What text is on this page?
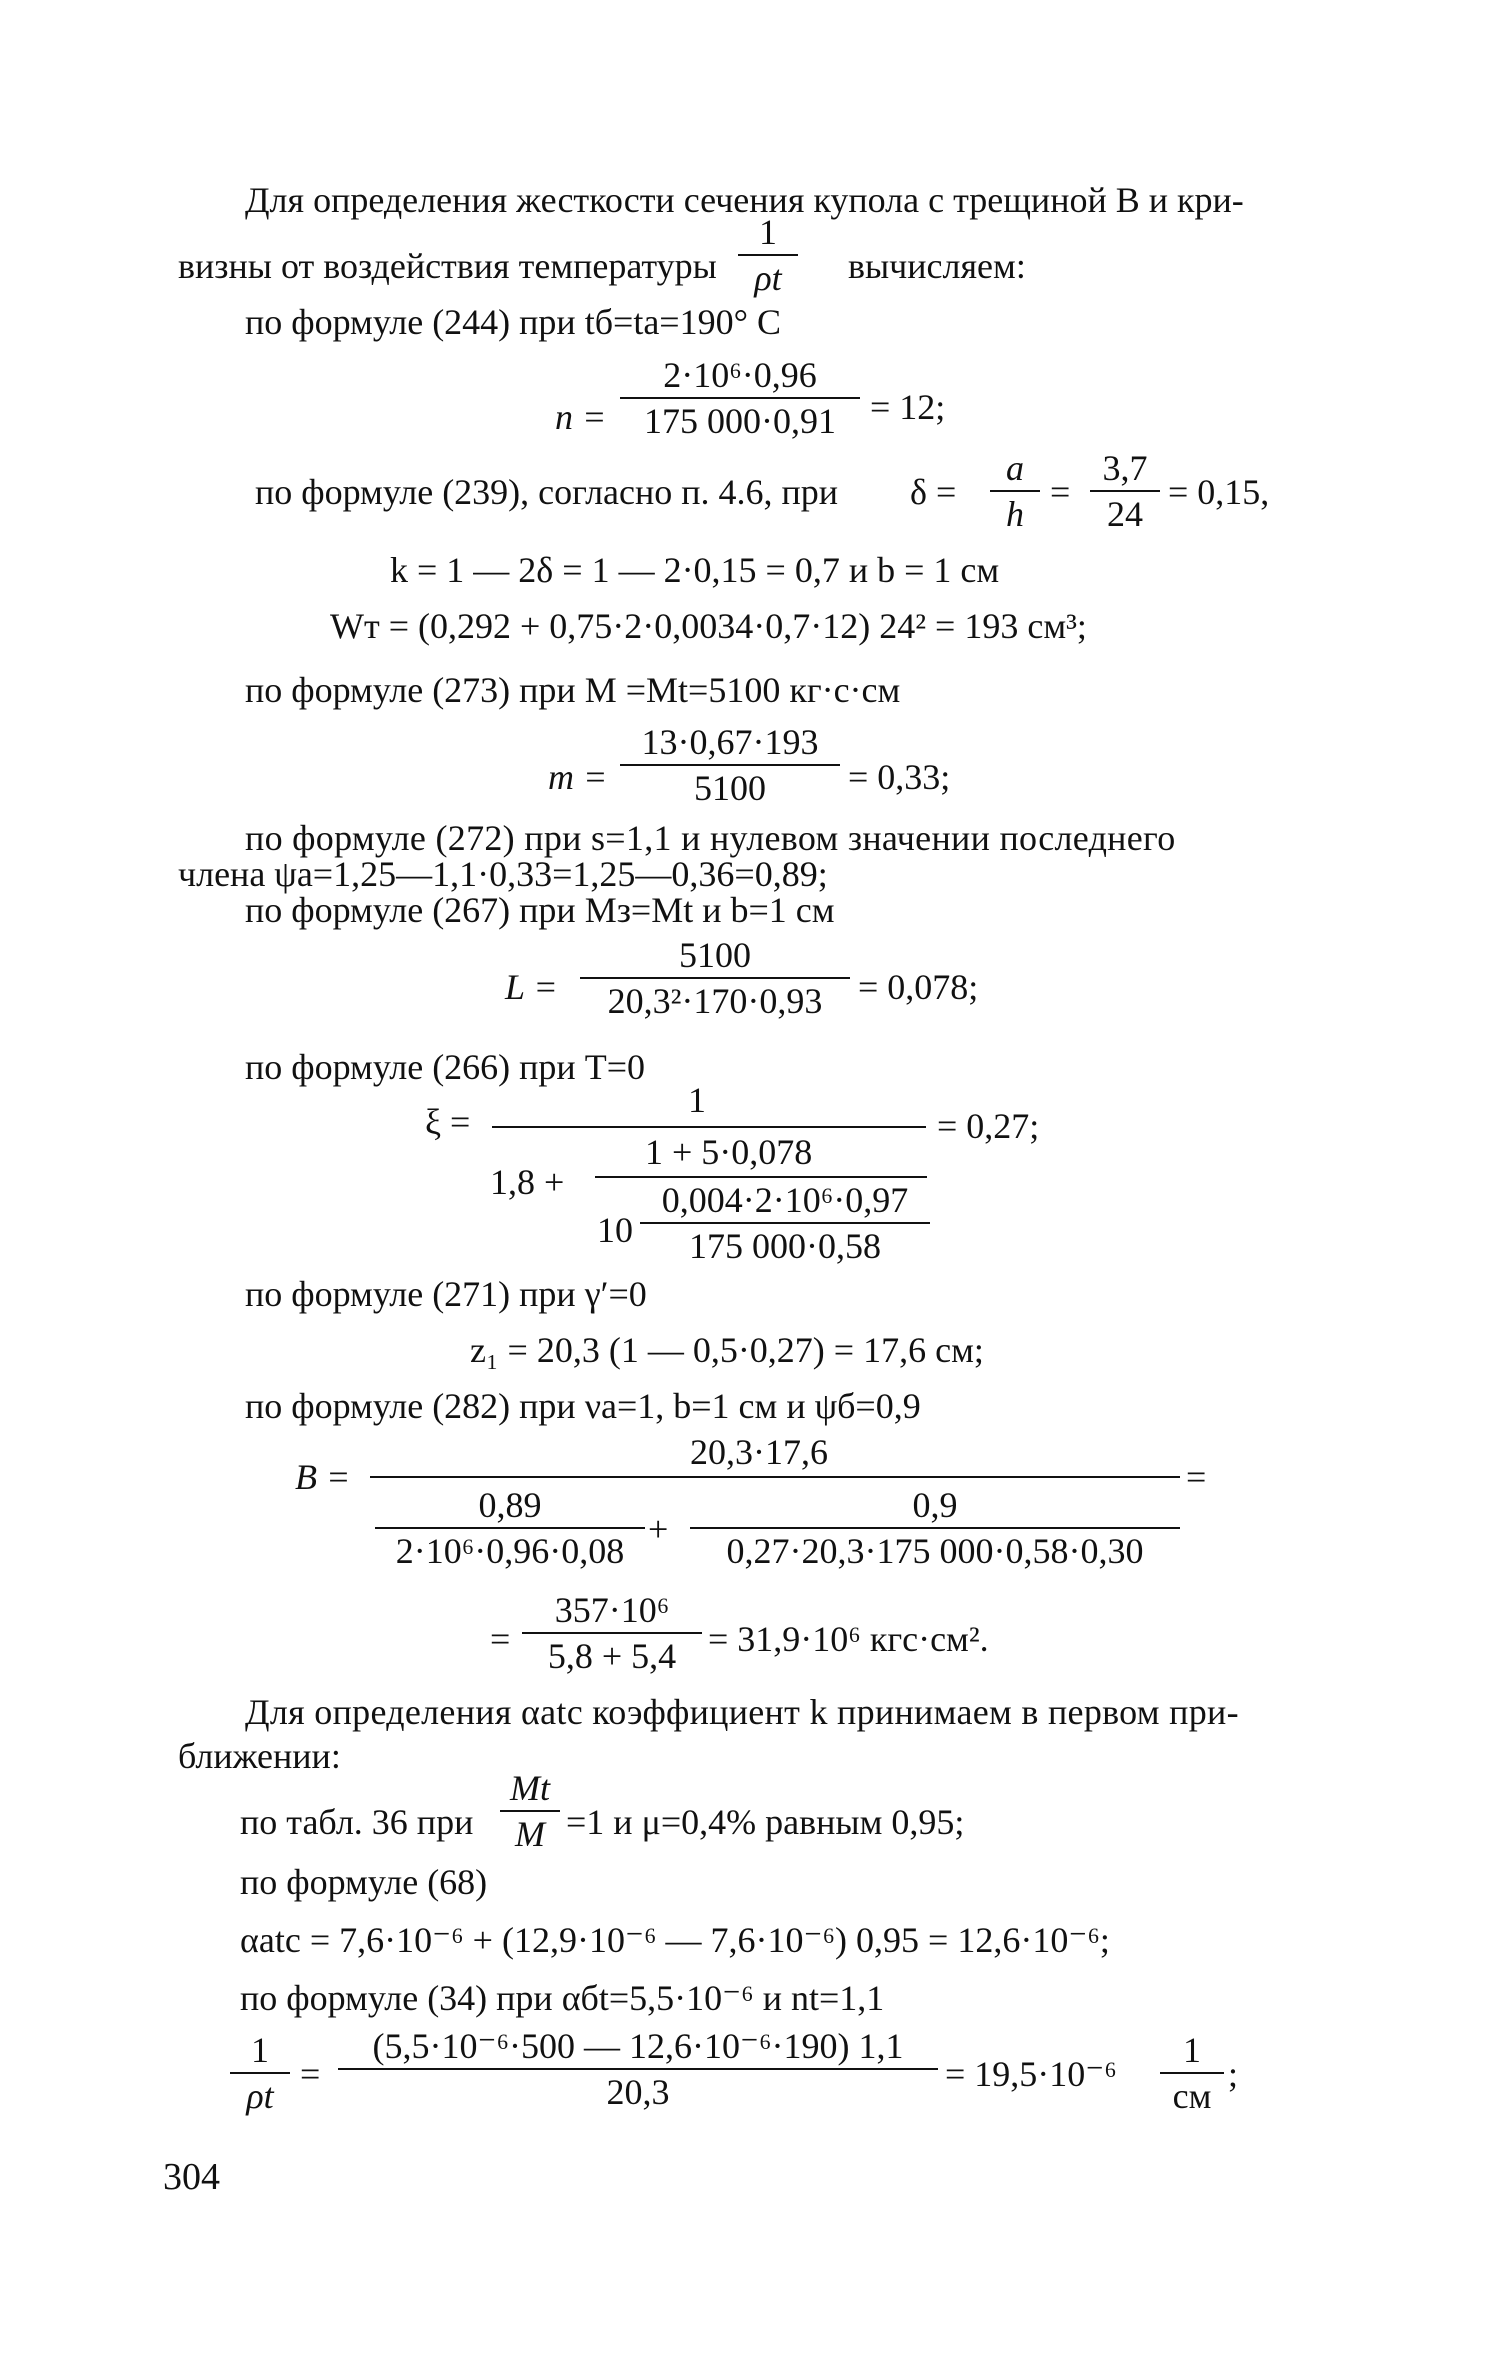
Для определения жесткости сечения купола с трещиной B и кри-
визны от воздействия температуры
1
ρt	вычисляем:
по формуле (244) при tб=tа=190° С
n =
2·10⁶·0,96
175 000·0,91 = 12;
по формуле (239), согласно п. 4.6, при δ =
a
h
=
3,7
24
= 0,15,
k = 1 — 2δ = 1 — 2·0,15 = 0,7 и b = 1 см
Wт = (0,292 + 0,75·2·0,0034·0,7·12) 24² = 193 см³;
по формуле (273) при M =Mt=5100 кг·с·см
m =
13·0,67·193
5100	= 0,33;
по формуле (272) при s=1,1 и нулевом значении последнего
члена ψа=1,25—1,1·0,33=1,25—0,36=0,89;
по формуле (267) при Mз=Mt и b=1 см
L =
5100
20,3²·170·0,93 = 0,078;
по формуле (266) при T=0
ξ =
1
1,8 +
1 + 5·0,078
10
0,004·2·10⁶·0,97
175 000·0,58
= 0,27;
по формуле (271) при γ′=0
z₁ = 20,3 (1 — 0,5·0,27) = 17,6 см;
по формуле (282) при νа=1, b=1 см и ψб=0,9
B =
20,3·17,6
=
0,89
2·10⁶·0,96·0,08
+
0,9
0,27·20,3·175 000·0,58·0,30
=
357·10⁶
5,8 + 5,4 = 31,9·10⁶ кгс·см².
Для определения αatc коэффициент k принимаем в первом при-
ближении:
по табл. 36 при
Mt
M =1 и μ=0,4% равным 0,95;
по формуле (68)
αatc = 7,6·10⁻⁶ + (12,9·10⁻⁶ — 7,6·10⁻⁶) 0,95 = 12,6·10⁻⁶;
по формуле (34) при αбt=5,5·10⁻⁶ и nt=1,1
1
ρt
=
(5,5·10⁻⁶·500 — 12,6·10⁻⁶·190) 1,1
20,3	= 19,5·10⁻⁶
1
см
;
304
